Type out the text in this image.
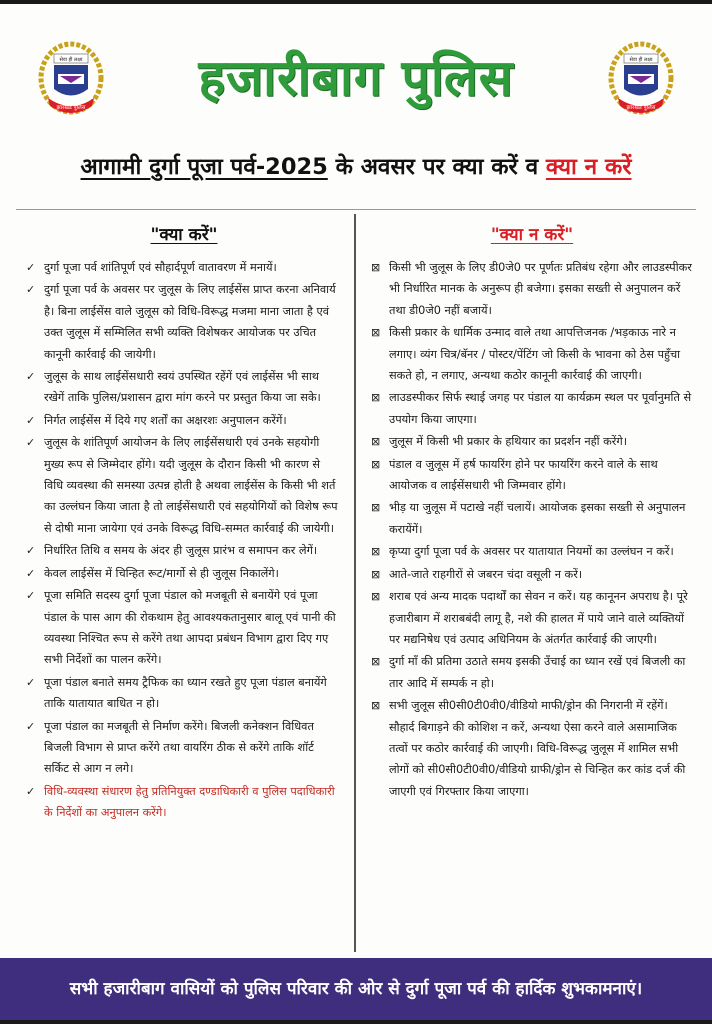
सेवा ही लक्ष्य
झारखंड पुलिस
सेवा ही लक्ष्य
झारखंड पुलिस
हजारीबाग पुलिस
आगामी दुर्गा पूजा पर्व-2025 के अवसर पर क्या करें व क्या न करें
"क्या करें"
✓ दुर्गा पूजा पर्व शांतिपूर्ण एवं सौहार्दपूर्ण वातावरण में मनायें।
✓ दुर्गा पूजा पर्व के अवसर पर जुलूस के लिए लाईसेंस प्राप्त करना अनिवार्य है। बिना लाईसेंस वाले जुलूस को विधि-विरूद्ध मजमा माना जाता है एवं उक्त जुलूस में सम्मिलित सभी व्यक्ति विशेषकर आयोजक पर उचित कानूनी कार्रवाई की जायेगी।
✓ जुलूस के साथ लाईसेंसधारी स्वयं उपस्थित रहेंगें एवं लाईसेंस भी साथ रखेगें ताकि पुलिस/प्रशासन द्वारा मांग करने पर प्रस्तुत किया जा सके।
✓ निर्गत लाईसेंस में दिये गए शर्तों का अक्षरशः अनुपालन करेंगें।
✓ जुलूस के शांतिपूर्ण आयोजन के लिए लाईसेंसधारी एवं उनके सहयोगी मुख्य रूप से जिम्मेदार होंगे। यदी जुलूस के दौरान किसी भी कारण से विधि व्यवस्था की समस्या उत्पन्न होती है अथवा लाईसेंस के किसी भी शर्त का उल्लंघन किया जाता है तो लाईसेंसधारी एवं सहयोगियों को विशेष रूप से दोषी माना जायेगा एवं उनके विरूद्ध विधि-सम्मत कार्रवाई की जायेगी।
✓ निर्धारित तिथि व समय के अंदर ही जुलूस प्रारंभ व समापन कर लेगें।
✓ केवल लाईसेंस में चिन्हित रूट/मार्गो से ही जुलूस निकालेंगे।
✓ पूजा समिति सदस्य दुर्गा पूजा पंडाल को मजबूती से बनायेंगे एवं पूजा पंडाल के पास आग की रोकथाम हेतु आवश्यकतानुसार बालू एवं पानी की व्यवस्था निश्चित रूप से करेंगे तथा आपदा प्रबंधन विभाग द्वारा दिए गए सभी निर्देशों का पालन करेंगे।
✓ पूजा पंडाल बनाते समय ट्रैफिक का ध्यान रखते हुए पूजा पंडाल बनायेंगे ताकि यातायात बाधित न हो।
✓ पूजा पंडाल का मजबूती से निर्माण करेंगे। बिजली कनेक्शन विधिवत बिजली विभाग से प्राप्त करेंगे तथा वायरिंग ठीक से करेंगे ताकि शॉर्ट सर्किट से आग न लगे।
✓ विधि-व्यवस्था संधारण हेतु प्रतिनियुक्त दण्डाधिकारी व पुलिस पदाधिकारी के निर्देशों का अनुपालन करेंगे।
"क्या न करें"
⊠ किसी भी जुलूस के लिए डी0जे0 पर पूर्णतः प्रतिबंध रहेगा और लाउडस्पीकर भी निर्धारित मानक के अनुरूप ही बजेगा। इसका सख्ती से अनुपालन करें तथा डी0जे0 नहीं बजायें।
⊠ किसी प्रकार के धार्मिक उन्माद वाले तथा आपत्तिजनक /भड़काऊ नारे न लगाए। व्यंग चित्र/बॅनर / पोस्टर/पेंटिंग जो किसी के भावना को ठेस पहुँचा सकते हो, न लगाए, अन्यथा कठोर कानूनी कार्रवाई की जाएगी।
⊠ लाउडस्पीकर सिर्फ स्थाई जगह पर पंडाल या कार्यक्रम स्थल पर पूर्वानुमति से उपयोग किया जाएगा।
⊠ जुलूस में किसी भी प्रकार के हथियार का प्रदर्शन नहीं करेंगे।
⊠ पंडाल व जुलूस में हर्ष फायरिंग होने पर फायरिंग करने वाले के साथ आयोजक व लाईसेंसधारी भी जिम्मवार होंगे।
⊠ भीड़ या जुलूस में पटाखे नहीं चलायें। आयोजक इसका सख्ती से अनुपालन करायेंगें।
⊠ कृप्या दुर्गा पूजा पर्व के अवसर पर यातायात नियमों का उल्लंघन न करें।
⊠ आते-जाते राहगीरों से जबरन चंदा वसूली न करें।
⊠ शराब एवं अन्य मादक पदार्थों का सेवन न करें। यह कानूनन अपराध है। पूरे हजारीबाग में शराबबंदी लागू है, नशे की हालत में पाये जाने वाले व्यक्तियों पर मद्यनिषेध एवं उत्पाद अधिनियम के अंतर्गत कार्रवाई की जाएगी।
⊠ दुर्गा माँ की प्रतिमा उठाते समय इसकी उँचाई का ध्यान रखें एवं बिजली का तार आदि में सम्पर्क न हो।
⊠ सभी जुलूस सी0सी0टी0वी0/वीडियो माफी/ड्रोन की निगरानी में रहेंगें। सौहार्द बिगाड़ने की कोशिश न करें, अन्यथा ऐसा करने वाले असामाजिक तत्वों पर कठोर कार्रवाई की जाएगी। विधि-विरूद्ध जुलूस में शामिल सभी लोगों को सी0सी0टी0वी0/वीडियो ग्राफी/ड्रोन से चिन्हित कर कांड दर्ज की जाएगी एवं गिरफ्तार किया जाएगा।
सभी हजारीबाग वासियों को पुलिस परिवार की ओर से दुर्गा पूजा पर्व की हार्दिक शुभकामनाएं।
